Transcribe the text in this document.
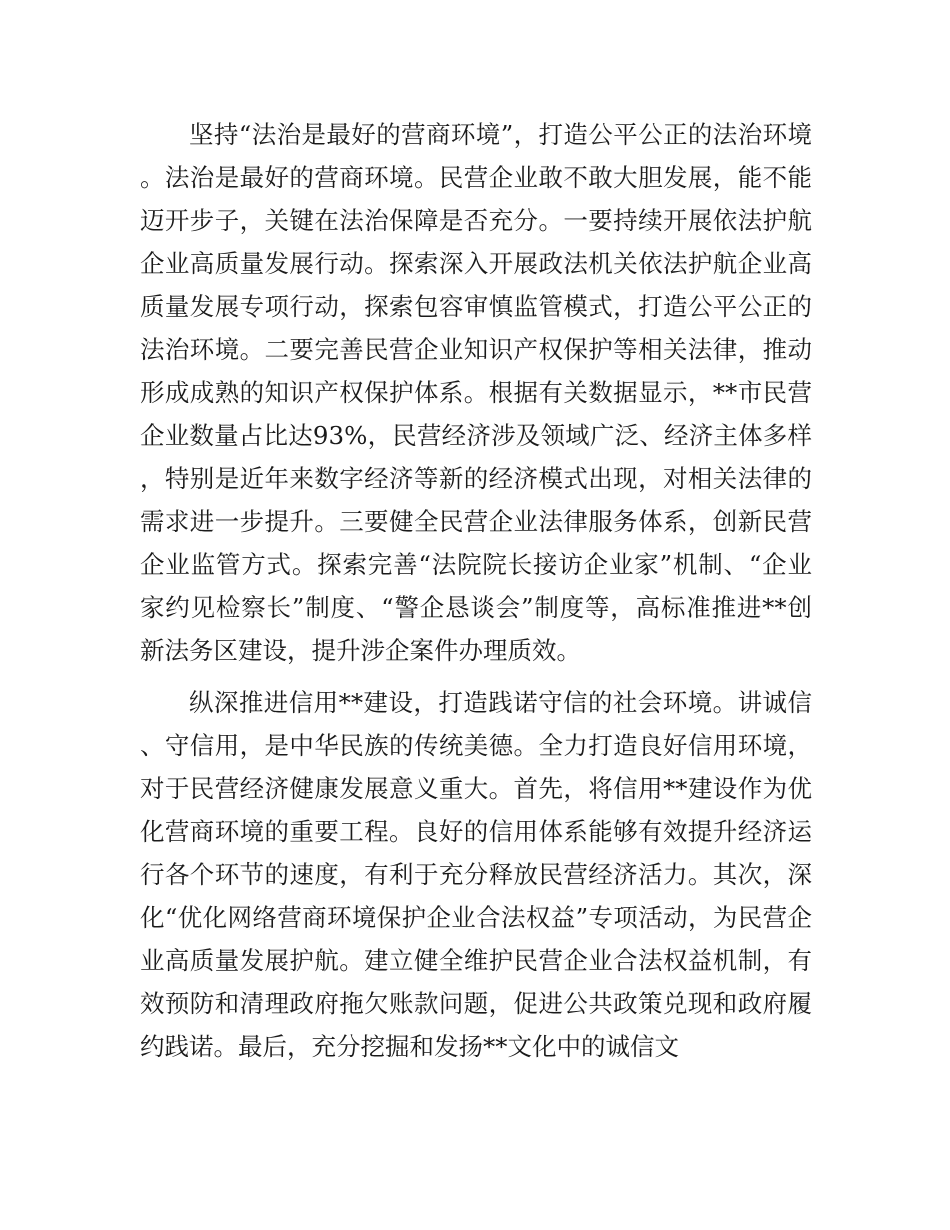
坚持“法治是最好的营商环境”，打造公平公正的法治环境。法治是最好的营商环境。民营企业敢不敢大胆发展，能不能迈开步子，关键在法治保障是否充分。一要持续开展依法护航企业高质量发展行动。探索深入开展政法机关依法护航企业高质量发展专项行动，探索包容审慎监管模式，打造公平公正的法治环境。二要完善民营企业知识产权保护等相关法律，推动形成成熟的知识产权保护体系。根据有关数据显示，**市民营企业数量占比达93%，民营经济涉及领域广泛、经济主体多样，特别是近年来数字经济等新的经济模式出现，对相关法律的需求进一步提升。三要健全民营企业法律服务体系，创新民营企业监管方式。探索完善“法院院长接访企业家”机制、“企业家约见检察长”制度、“警企恳谈会”制度等，高标准推进**创新法务区建设，提升涉企案件办理质效。

纵深推进信用**建设，打造践诺守信的社会环境。讲诚信、守信用，是中华民族的传统美德。全力打造良好信用环境，对于民营经济健康发展意义重大。首先，将信用**建设作为优化营商环境的重要工程。良好的信用体系能够有效提升经济运行各个环节的速度，有利于充分释放民营经济活力。其次，深化“优化网络营商环境保护企业合法权益”专项活动，为民营企业高质量发展护航。建立健全维护民营企业合法权益机制，有效预防和清理政府拖欠账款问题，促进公共政策兑现和政府履约践诺。最后，充分挖掘和发扬**文化中的诚信文
